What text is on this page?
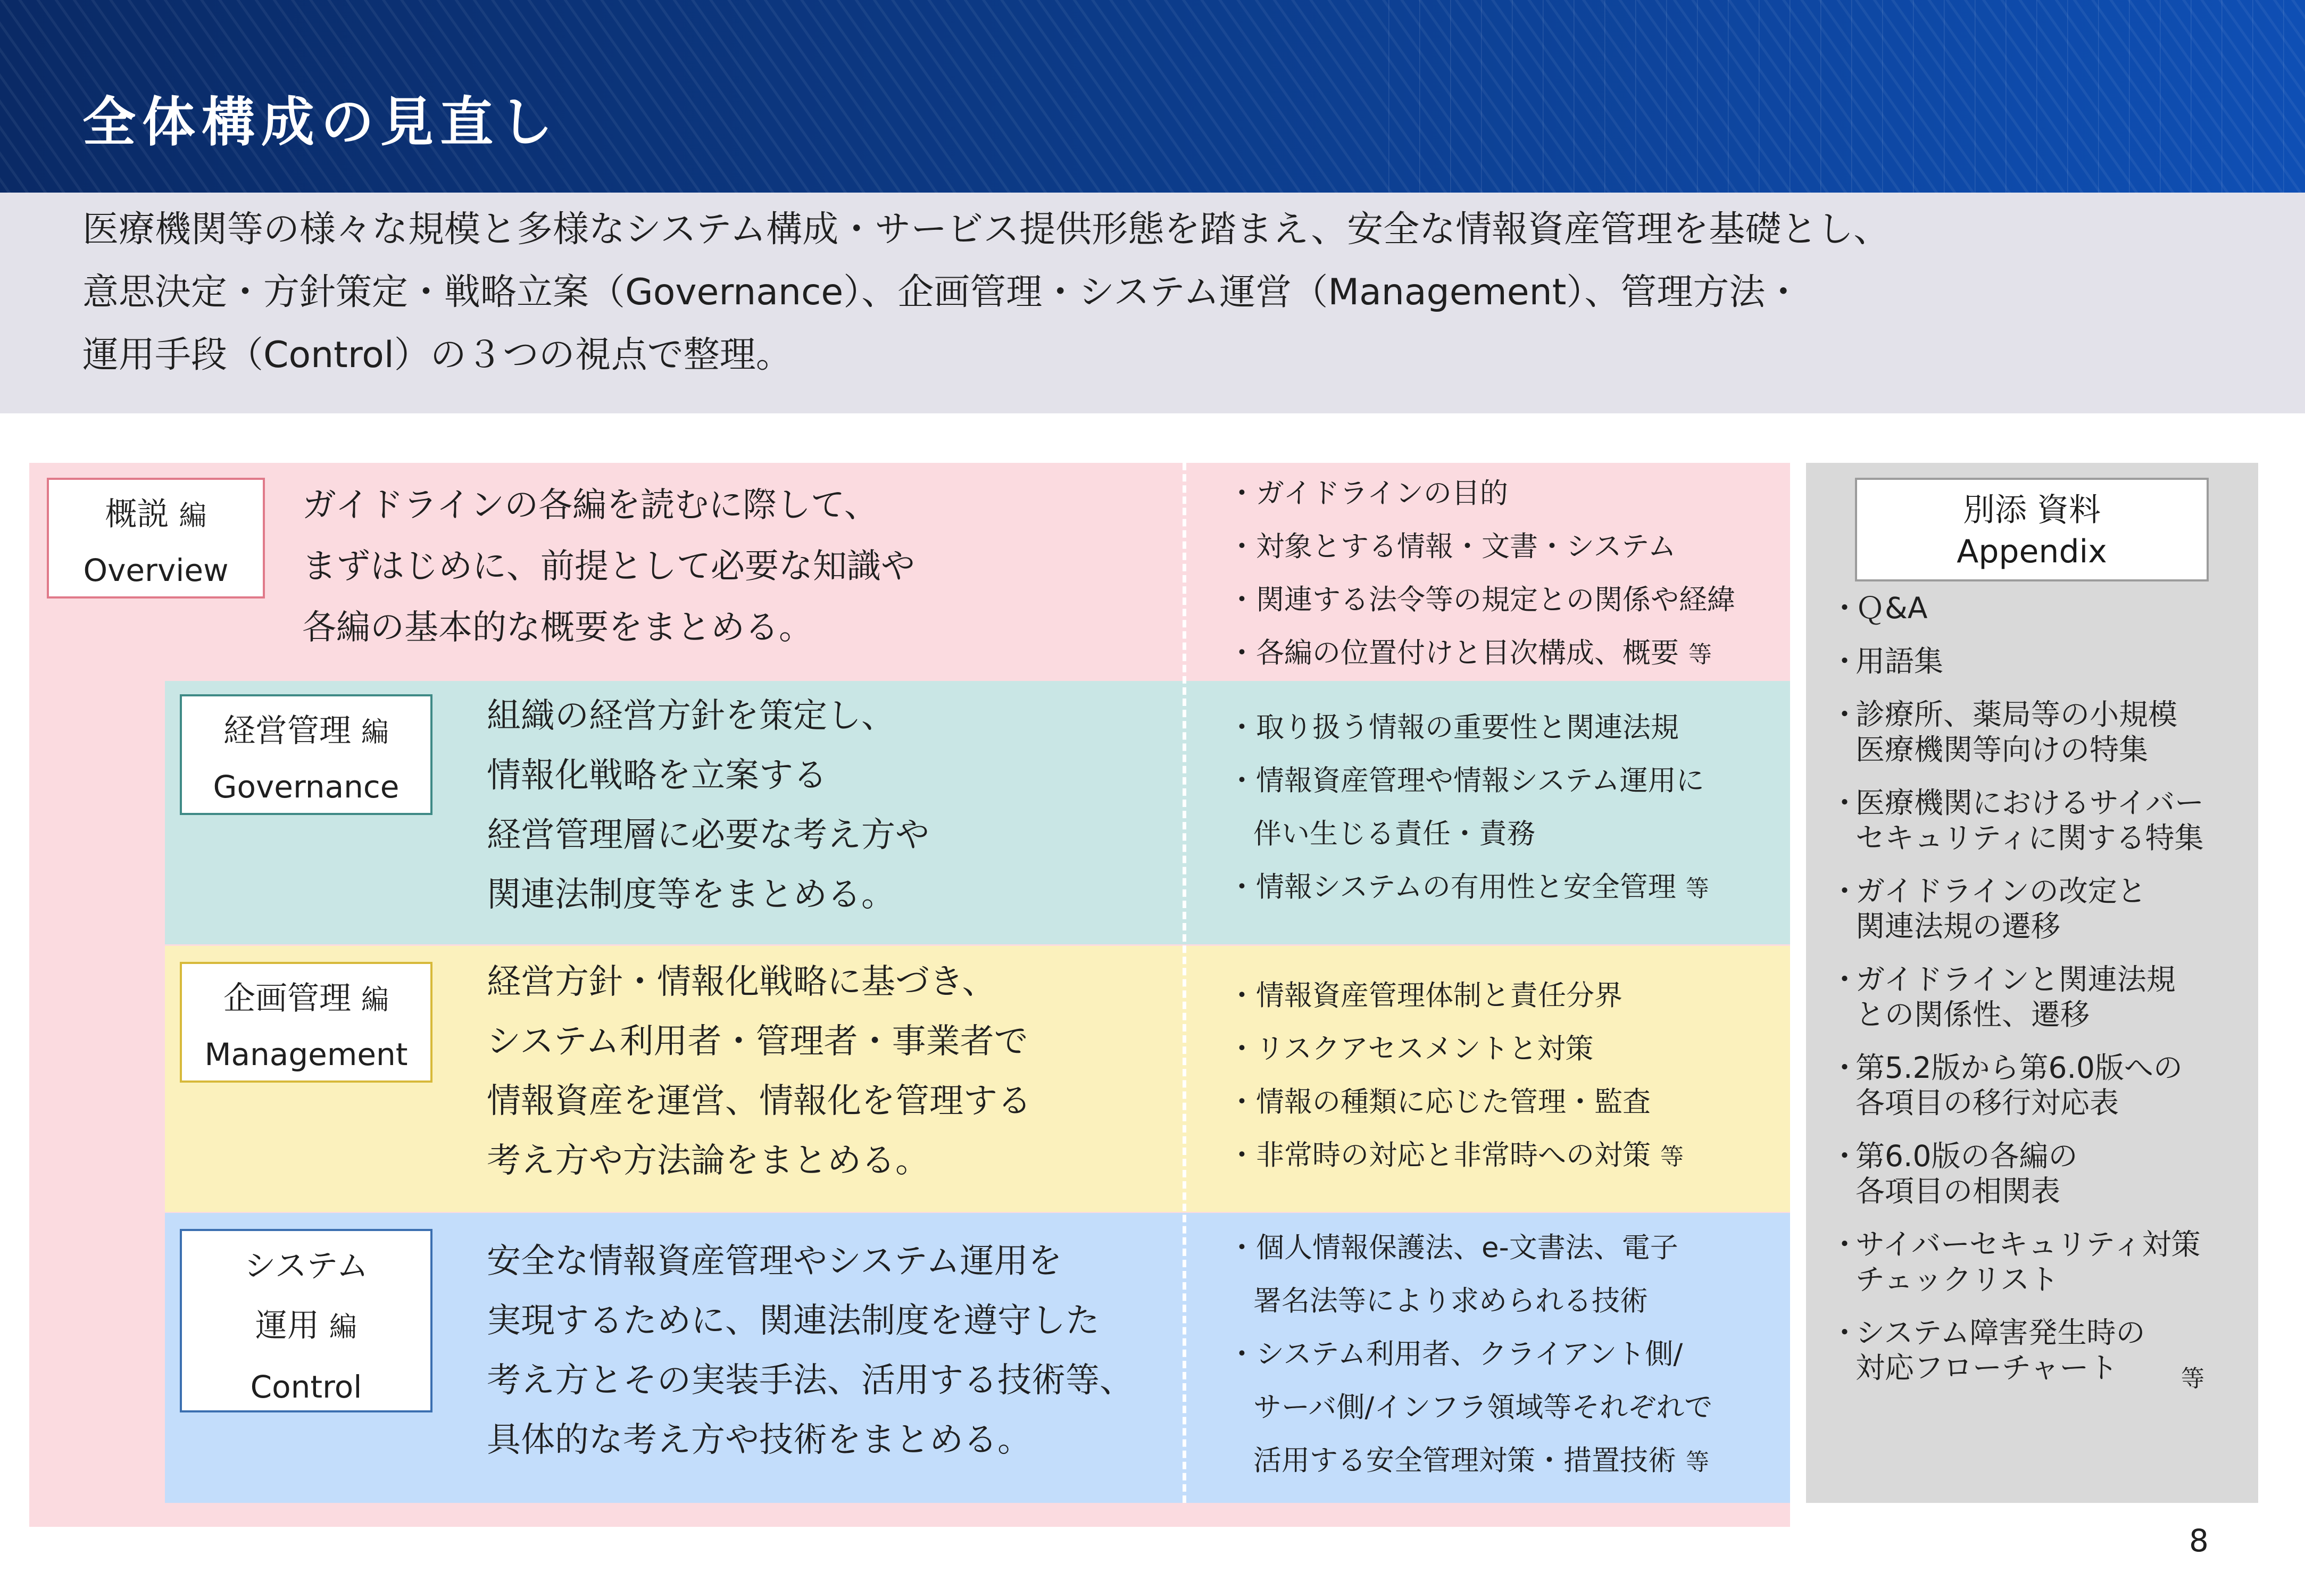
全体構成の見直し
医療機関等の様々な規模と多様なシステム構成・サービス提供形態を踏まえ、安全な情報資産管理を基礎とし、
意思決定・方針策定・戦略立案（Governance）、企画管理・システム運営（Management）、管理方法・
運用手段（Control）の３つの視点で整理。
概説 編
Overview
ガイドラインの各編を読むに際して、
まずはじめに、前提として必要な知識や
各編の基本的な概要をまとめる。
・ガイドラインの目的
・対象とする情報・文書・システム
・関連する法令等の規定との関係や経緯
・各編の位置付けと目次構成、概要 等
経営管理 編
Governance
組織の経営方針を策定し、
情報化戦略を立案する
経営管理層に必要な考え方や
関連法制度等をまとめる。
・取り扱う情報の重要性と関連法規
・情報資産管理や情報システム運用に
伴い生じる責任・責務
・情報システムの有用性と安全管理 等
企画管理 編
Management
経営方針・情報化戦略に基づき、
システム利用者・管理者・事業者で
情報資産を運営、情報化を管理する
考え方や方法論をまとめる。
・情報資産管理体制と責任分界
・リスクアセスメントと対策
・情報の種類に応じた管理・監査
・非常時の対応と非常時への対策 等
システム
運用 編
Control
安全な情報資産管理やシステム運用を
実現するために、関連法制度を遵守した
考え方とその実装手法、活用する技術等、
具体的な考え方や技術をまとめる。
・個人情報保護法、e-文書法、電子
署名法等により求められる技術
・システム利用者、クライアント側/
サーバ側/インフラ領域等それぞれで
活用する安全管理対策・措置技術 等
別添 資料
Appendix
・Ｑ&A
・用語集
・診療所、薬局等の小規模
医療機関等向けの特集
・医療機関におけるサイバー
セキュリティに関する特集
・ガイドラインの改定と
関連法規の遷移
・ガイドラインと関連法規
との関係性、遷移
・第5.2版から第6.0版への
各項目の移行対応表
・第6.0版の各編の
各項目の相関表
・サイバーセキュリティ対策
チェックリスト
・システム障害発生時の
対応フローチャート	等
8
